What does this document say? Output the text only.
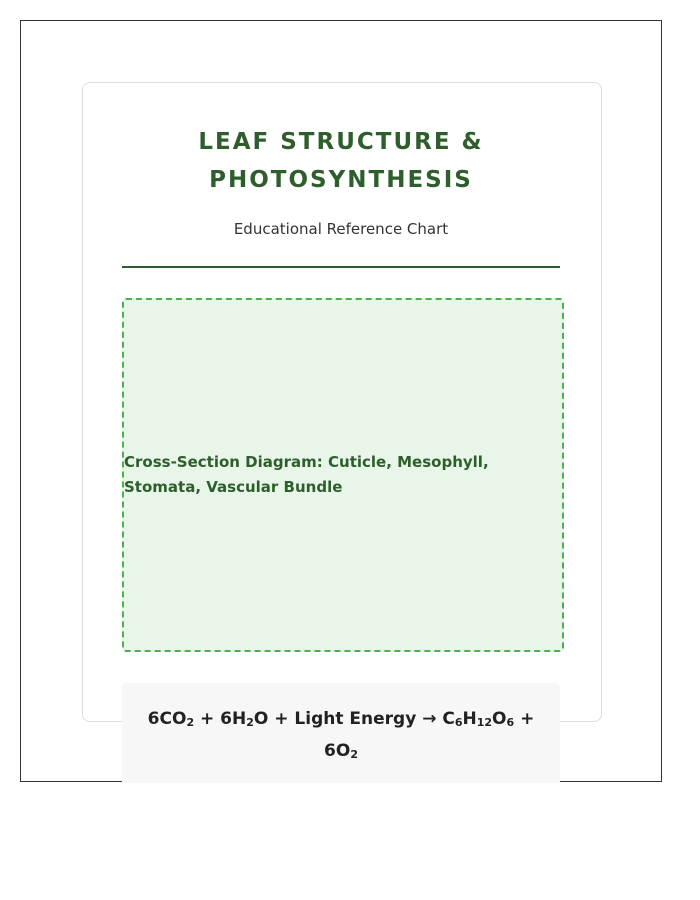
LEAF STRUCTURE & PHOTOSYNTHESIS

Educational Reference Chart

Cross-Section Diagram: Cuticle, Mesophyll, Stomata, Vascular Bundle
$6CO_2 + 6H_2O$ + Light Energy → $C_6H_{12}O_6 + 6O_2$
